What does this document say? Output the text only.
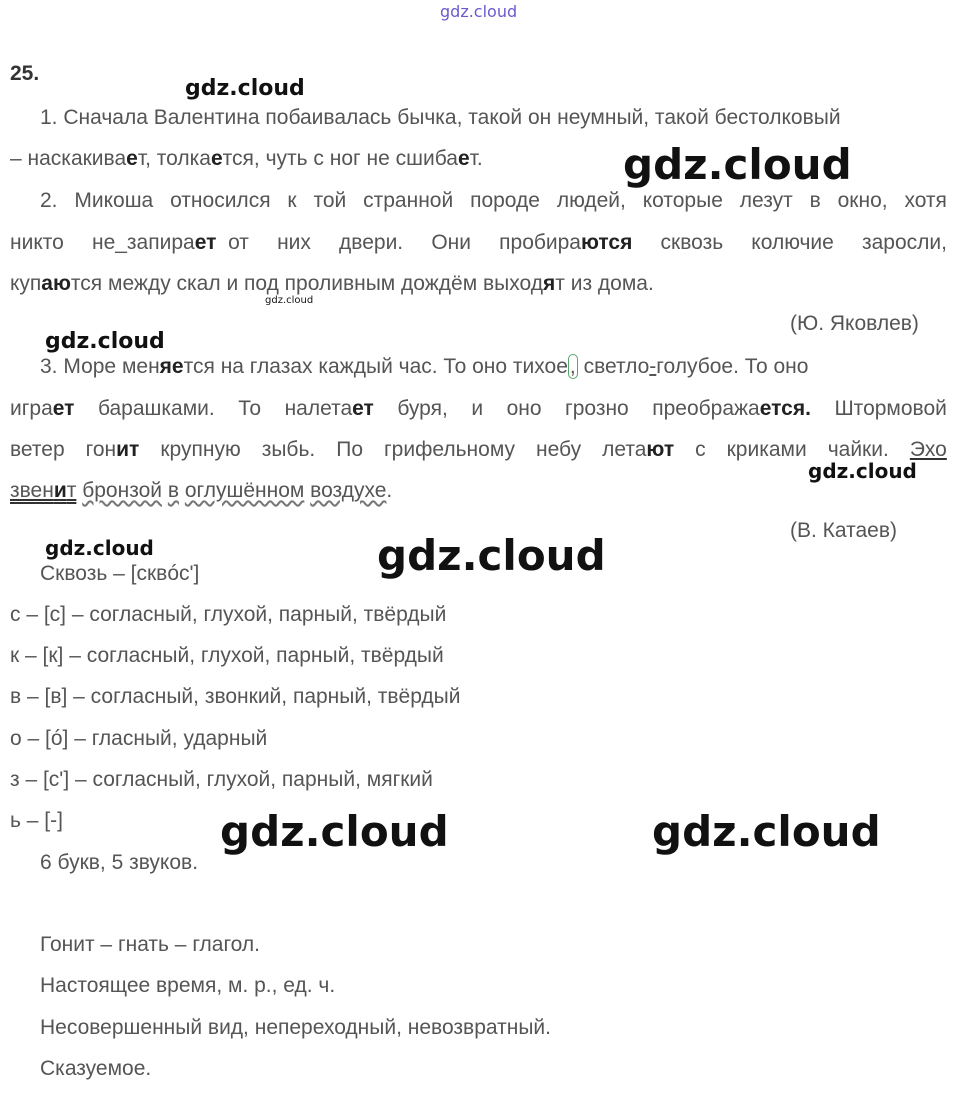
gdz.cloud
25.
1. Сначала Валентина побаивалась бычка, такой он неумный, такой бестолковый
– наскакивает, толкается, чуть с ног не сшибает.
2. Микоша относился к той странной породе людей, которые лезут в окно, хотя
никто не_запирает от них двери. Они пробираются сквозь колючие заросли,
купаются между скал и под проливным дождём выходят из дома.
gdz.cloud
(Ю. Яковлев)
3. Море меняется на глазах каждый час. То оно тихое, светло-голубое. То оно
играет барашками. То налетает буря, и оно грозно преображается. Штормовой
ветер гонит крупную зыбь. По грифельному небу летают с криками чайки. Эхо
звенит бронзой в оглушённом воздухе.
(В. Катаев)
Сквозь – [сквóс']
с – [с] – согласный, глухой, парный, твёрдый
к – [к] – согласный, глухой, парный, твёрдый
в – [в] – согласный, звонкий, парный, твёрдый
о – [ó] – гласный, ударный
з – [с'] – согласный, глухой, парный, мягкий
ь – [-]
6 букв, 5 звуков.
Гонит – гнать – глагол.
Настоящее время, м. р., ед. ч.
Несовершенный вид, непереходный, невозвратный.
Сказуемое.
gdz.cloud
gdz.cloud
gdz.cloud
gdz.cloud
gdz.cloud	gdz.cloud
gdz.cloud	gdz.cloud
